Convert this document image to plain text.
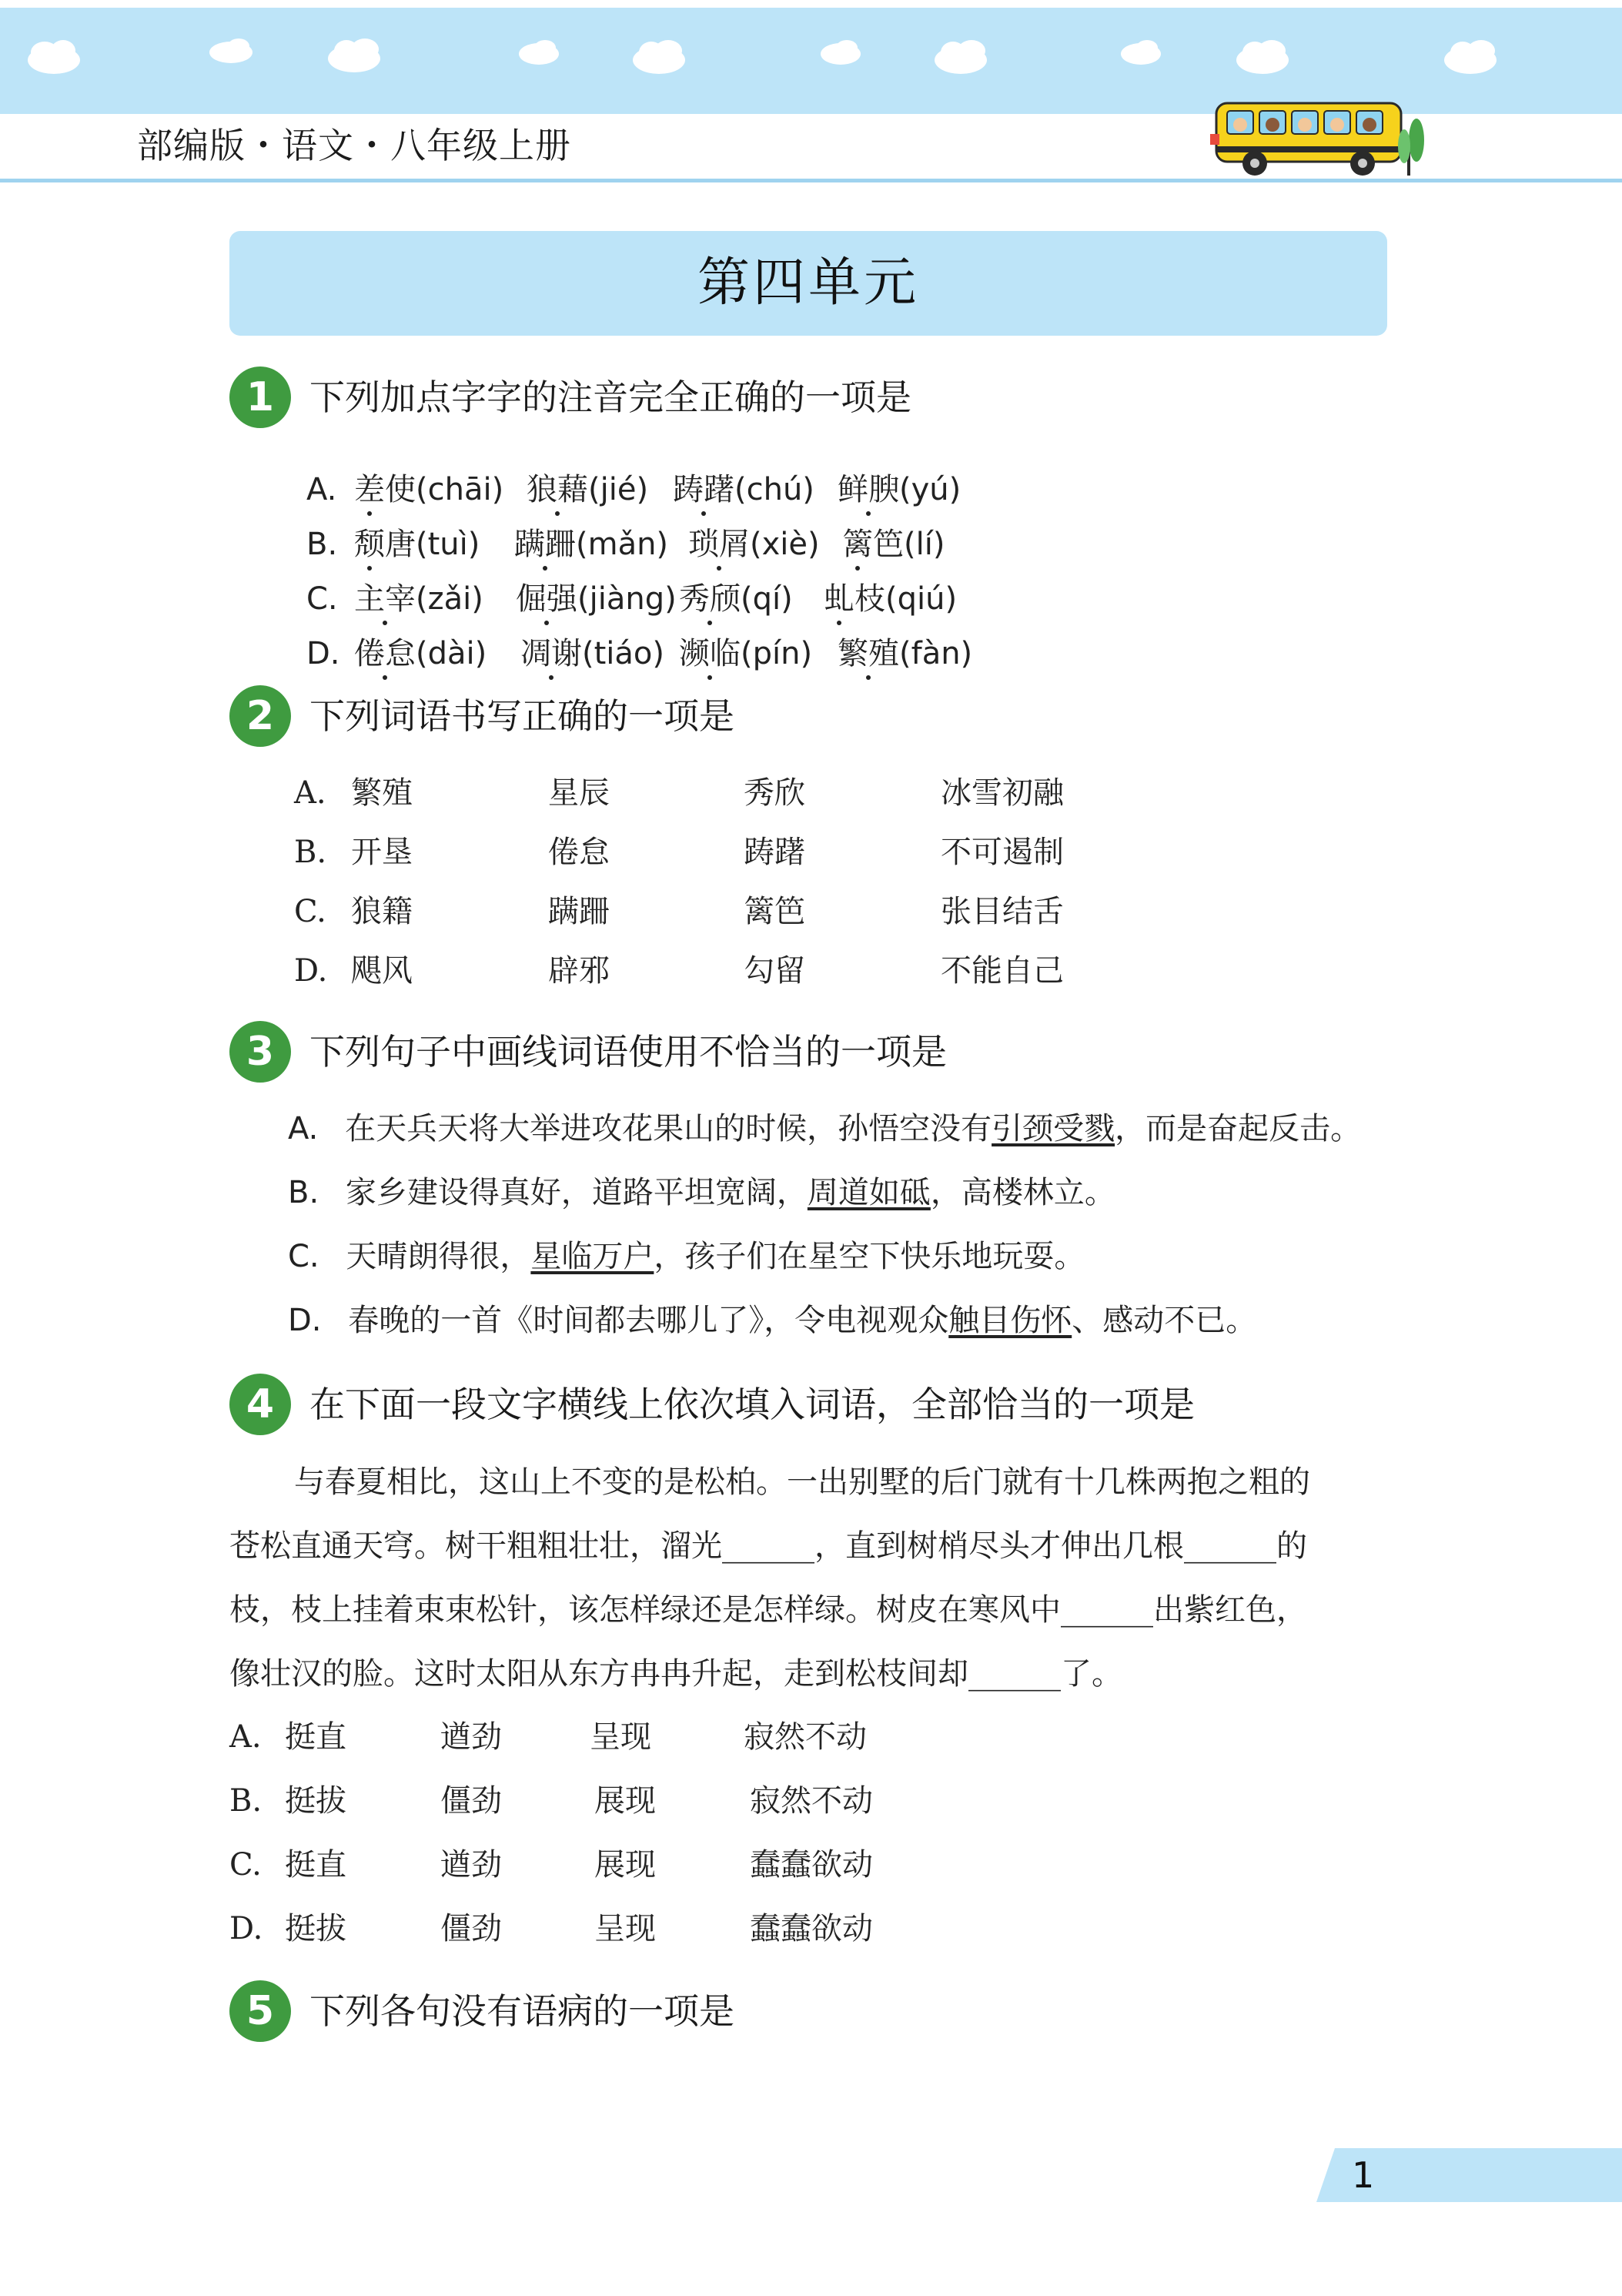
部编版・语文・八年级上册
第四单元
1 下列加点字字的注音完全正确的一项是
A. 差使(chāi) 狼藉(jié) 踌躇(chú) 鲜腴(yú)
B. 颓唐(tuì) 蹒跚(mǎn) 琐屑(xiè) 篱笆(lí)
C. 主宰(zǎi) 倔强(jiàng) 秀颀(qí) 虬枝(qiú)
D. 倦怠(dài) 凋谢(tiáo) 濒临(pín) 繁殖(fàn)
2 下列词语书写正确的一项是
A. 繁殖	星辰	秀欣	冰雪初融
B. 开垦	倦怠	踌躇	不可遏制
C. 狼籍	蹒跚	篱笆	张目结舌
D. 飓风	辟邪	勾留	不能自己
3 下列句子中画线词语使用不恰当的一项是
A. 在天兵天将大举进攻花果山的时候，孙悟空没有引颈受戮，而是奋起反击。
B. 家乡建设得真好，道路平坦宽阔，周道如砥，高楼林立。
C. 天晴朗得很，星临万户，孩子们在星空下快乐地玩耍。
D. 春晚的一首《时间都去哪儿了》，令电视观众触目伤怀、感动不已。
4 在下面一段文字横线上依次填入词语，全部恰当的一项是
与春夏相比，这山上不变的是松柏。一出别墅的后门就有十几株两抱之粗的
苍松直通天穹。树干粗粗壮壮，溜光______，直到树梢尽头才伸出几根______的
枝，枝上挂着束束松针，该怎样绿还是怎样绿。树皮在寒风中______出紫红色，
像壮汉的脸。这时太阳从东方冉冉升起，走到松枝间却______了。
A. 挺直	遒劲	呈现	寂然不动
B. 挺拔	僵劲	展现	寂然不动
C. 挺直	遒劲	展现	蠢蠢欲动
D. 挺拔	僵劲	呈现	蠢蠢欲动
5 下列各句没有语病的一项是
1
